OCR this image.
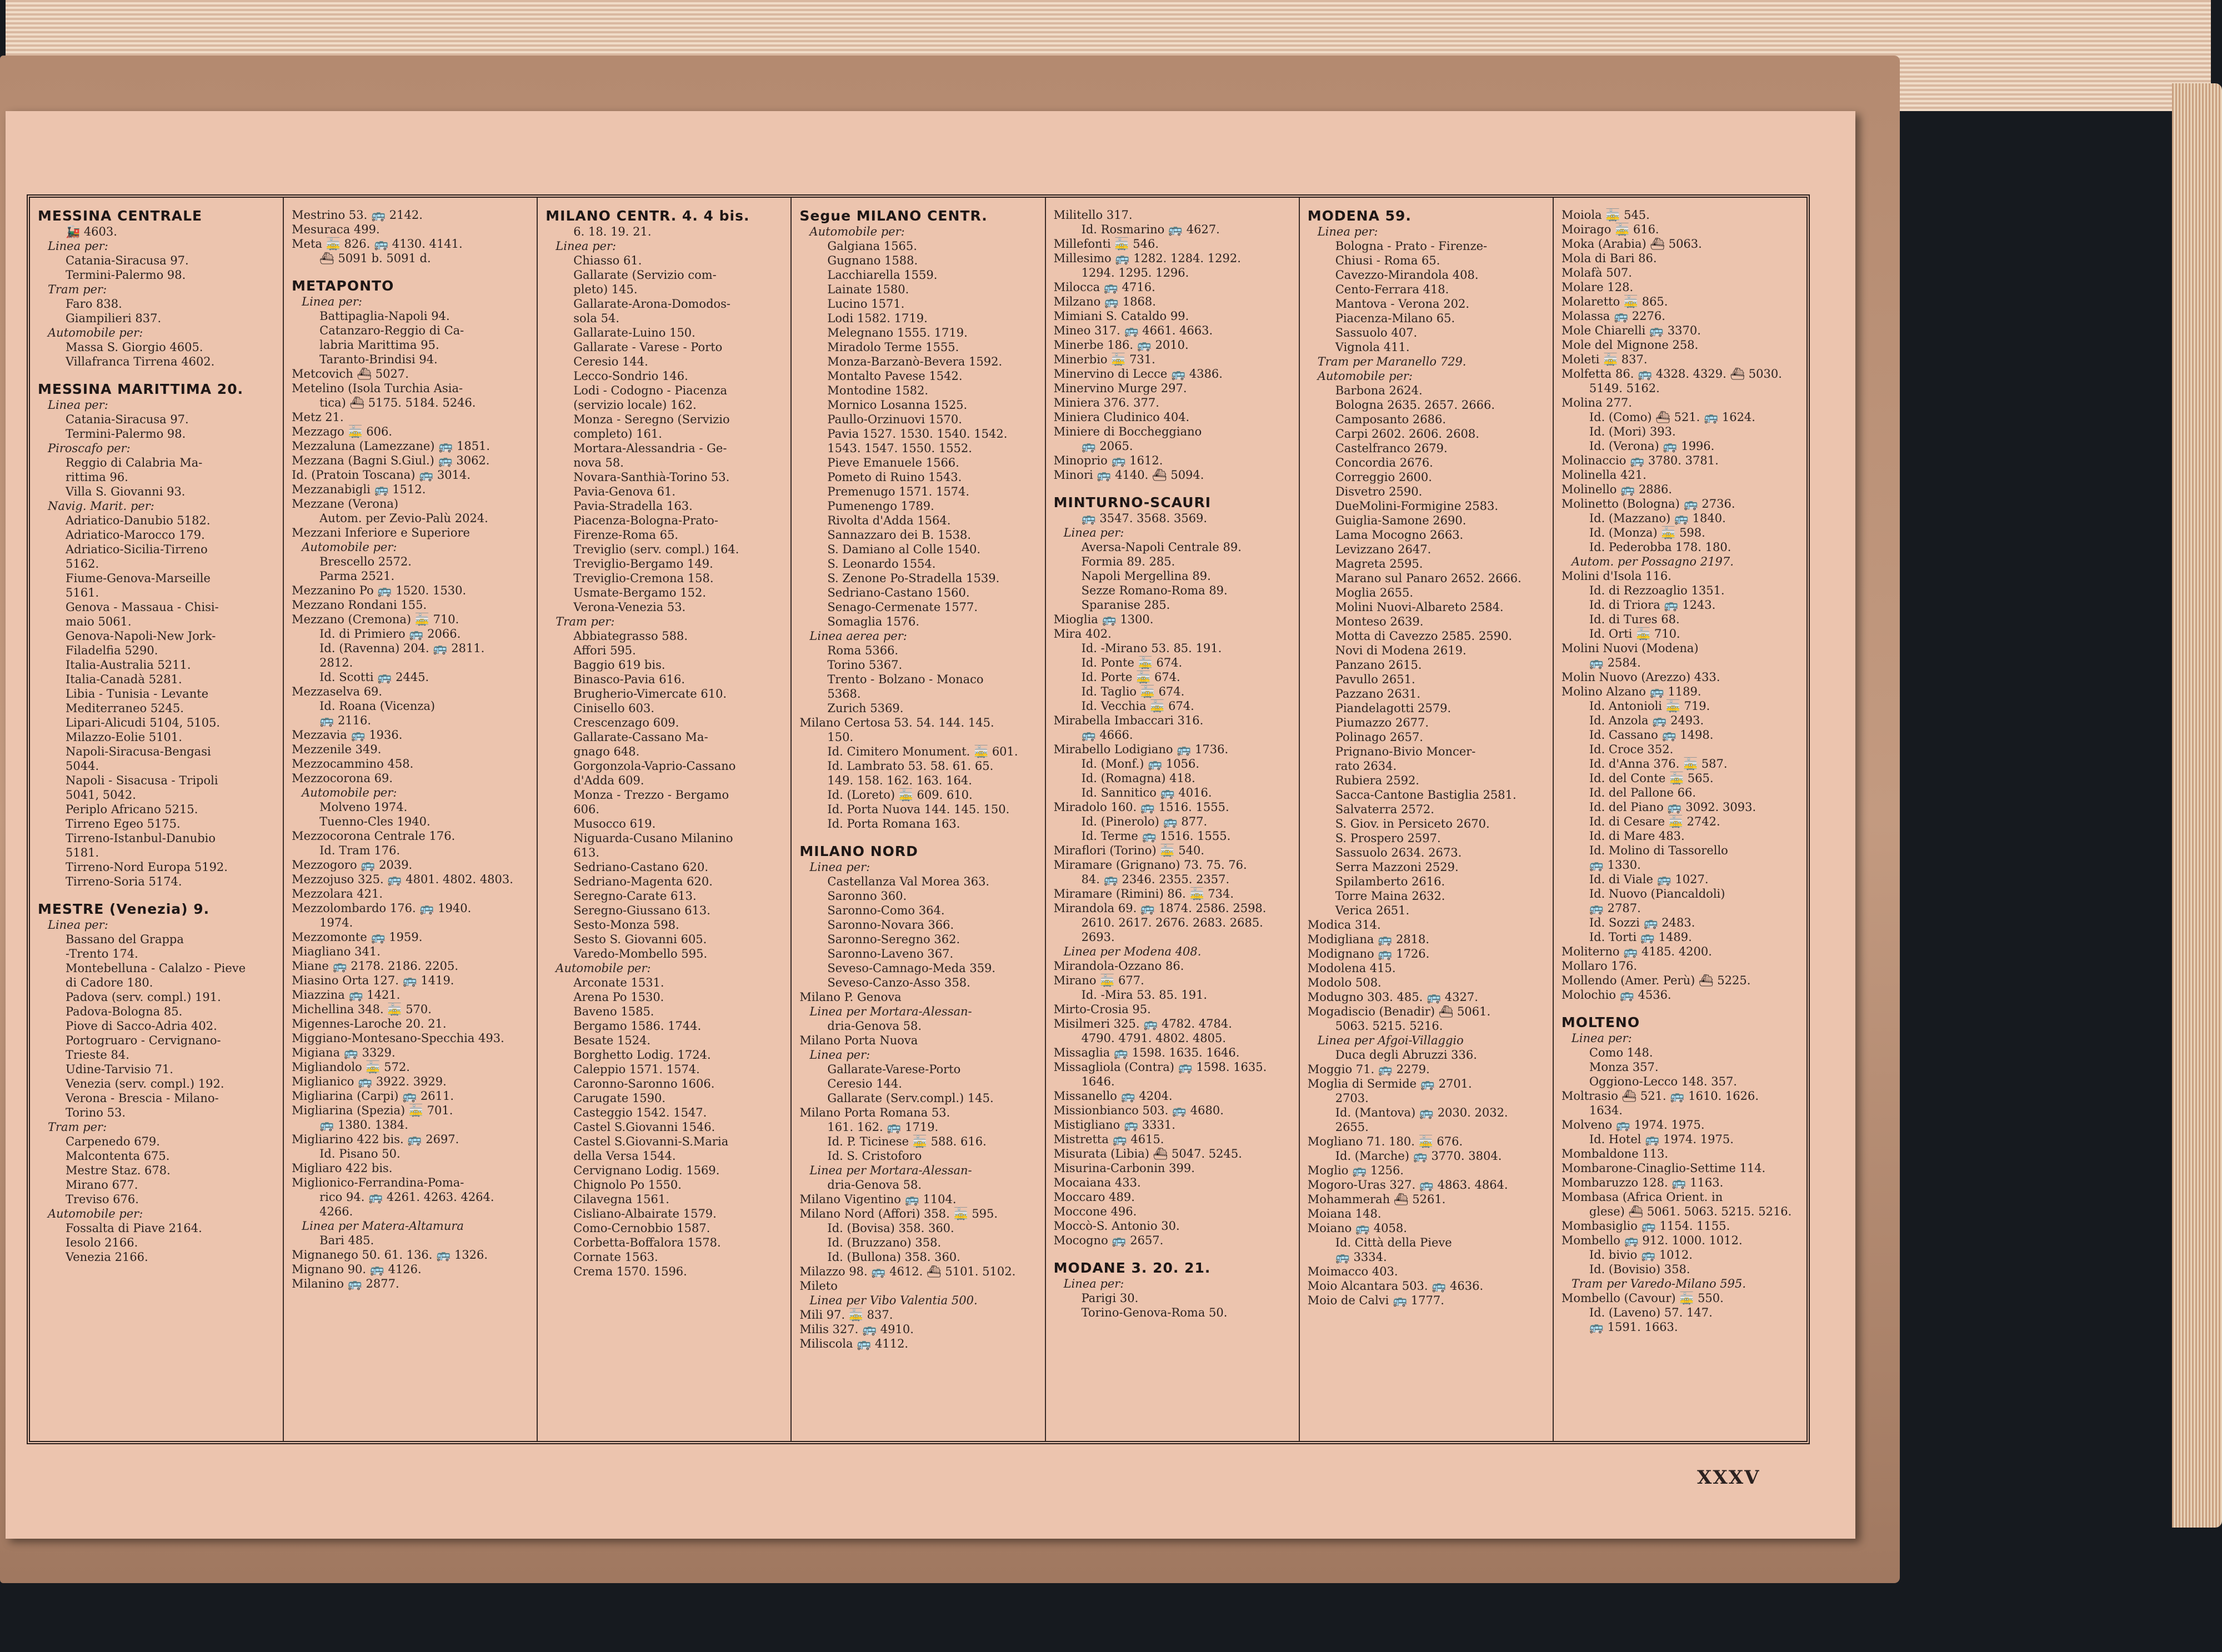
MESSINA CENTRALE
🚂 4603.
Linea per:
Catania-Siracusa 97.
Termini-Palermo 98.
Tram per:
Faro 838.
Giampilieri 837.
Automobile per:
Massa S. Giorgio 4605.
Villafranca Tirrena 4602.
MESSINA MARITTIMA 20.
Linea per:
Catania-Siracusa 97.
Termini-Palermo 98.
Piroscafo per:
Reggio di Calabria Ma-
rittima 96.
Villa S. Giovanni 93.
Navig. Marit. per:
Adriatico-Danubio 5182.
Adriatico-Marocco 179.
Adriatico-Sicilia-Tirreno
5162.
Fiume-Genova-Marseille
5161.
Genova - Massaua - Chisi-
maio 5061.
Genova-Napoli-New Jork-
Filadelfia 5290.
Italia-Australia 5211.
Italia-Canadà 5281.
Libia - Tunisia - Levante
Mediterraneo 5245.
Lipari-Alicudi 5104, 5105.
Milazzo-Eolie 5101.
Napoli-Siracusa-Bengasi
5044.
Napoli - Sisacusa - Tripoli
5041, 5042.
Periplo Africano 5215.
Tirreno Egeo 5175.
Tirreno-Istanbul-Danubio
5181.
Tirreno-Nord Europa 5192.
Tirreno-Soria 5174.
MESTRE (Venezia) 9.
Linea per:
Bassano del Grappa
-Trento 174.
Montebelluna - Calalzo - Pieve
di Cadore 180.
Padova (serv. compl.) 191.
Padova-Bologna 85.
Piove di Sacco-Adria 402.
Portogruaro - Cervignano-
Trieste 84.
Udine-Tarvisio 71.
Venezia (serv. compl.) 192.
Verona - Brescia - Milano-
Torino 53.
Tram per:
Carpenedo 679.
Malcontenta 675.
Mestre Staz. 678.
Mirano 677.
Treviso 676.
Automobile per:
Fossalta di Piave 2164.
Iesolo 2166.
Venezia 2166.
Mestrino 53. 🚌 2142.
Mesuraca 499.
Meta 🚋 826. 🚌 4130. 4141.
⛴ 5091 b. 5091 d.
METAPONTO
Linea per:
Battipaglia-Napoli 94.
Catanzaro-Reggio di Ca-
labria Marittima 95.
Taranto-Brindisi 94.
Metcovich ⛴ 5027.
Metelino (Isola Turchia Asia-
tica) ⛴ 5175. 5184. 5246.
Metz 21.
Mezzago 🚋 606.
Mezzaluna (Lamezzane) 🚌 1851.
Mezzana (Bagni S.Giul.) 🚌 3062.
Id. (Pratoin Toscana) 🚌 3014.
Mezzanabigli 🚌 1512.
Mezzane (Verona)
Autom. per Zevio-Palù 2024.
Mezzani Inferiore e Superiore
Automobile per:
Brescello 2572.
Parma 2521.
Mezzanino Po 🚌 1520. 1530.
Mezzano Rondani 155.
Mezzano (Cremona) 🚋 710.
Id. di Primiero 🚌 2066.
Id. (Ravenna) 204. 🚌 2811.
2812.
Id. Scotti 🚌 2445.
Mezzaselva 69.
Id. Roana (Vicenza)
🚌 2116.
Mezzavia 🚌 1936.
Mezzenile 349.
Mezzocammino 458.
Mezzocorona 69.
Automobile per:
Molveno 1974.
Tuenno-Cles 1940.
Mezzocorona Centrale 176.
Id. Tram 176.
Mezzogoro 🚌 2039.
Mezzojuso 325. 🚌 4801. 4802. 4803.
Mezzolara 421.
Mezzolombardo 176. 🚌 1940.
1974.
Mezzomonte 🚌 1959.
Miagliano 341.
Miane 🚌 2178. 2186. 2205.
Miasino Orta 127. 🚌 1419.
Miazzina 🚌 1421.
Michellina 348. 🚋 570.
Migennes-Laroche 20. 21.
Miggiano-Montesano-Specchia 493.
Migiana 🚌 3329.
Migliandolo 🚋 572.
Miglianico 🚌 3922. 3929.
Migliarina (Carpi) 🚌 2611.
Migliarina (Spezia) 🚋 701.
🚌 1380. 1384.
Migliarino 422 bis. 🚌 2697.
Id. Pisano 50.
Migliaro 422 bis.
Miglionico-Ferrandina-Poma-
rico 94. 🚌 4261. 4263. 4264.
4266.
Linea per Matera-Altamura
Bari 485.
Mignanego 50. 61. 136. 🚌 1326.
Mignano 90. 🚌 4126.
Milanino 🚌 2877.
MILANO CENTR. 4. 4 bis.
6. 18. 19. 21.
Linea per:
Chiasso 61.
Gallarate (Servizio com-
pleto) 145.
Gallarate-Arona-Domodos-
sola 54.
Gallarate-Luino 150.
Gallarate - Varese - Porto
Ceresio 144.
Lecco-Sondrio 146.
Lodi - Codogno - Piacenza
(servizio locale) 162.
Monza - Seregno (Servizio
completo) 161.
Mortara-Alessandria - Ge-
nova 58.
Novara-Santhià-Torino 53.
Pavia-Genova 61.
Pavia-Stradella 163.
Piacenza-Bologna-Prato-
Firenze-Roma 65.
Treviglio (serv. compl.) 164.
Treviglio-Bergamo 149.
Treviglio-Cremona 158.
Usmate-Bergamo 152.
Verona-Venezia 53.
Tram per:
Abbiategrasso 588.
Affori 595.
Baggio 619 bis.
Binasco-Pavia 616.
Brugherio-Vimercate 610.
Cinisello 603.
Crescenzago 609.
Gallarate-Cassano Ma-
gnago 648.
Gorgonzola-Vaprio-Cassano
d'Adda 609.
Monza - Trezzo - Bergamo
606.
Musocco 619.
Niguarda-Cusano Milanino
613.
Sedriano-Castano 620.
Sedriano-Magenta 620.
Seregno-Carate 613.
Seregno-Giussano 613.
Sesto-Monza 598.
Sesto S. Giovanni 605.
Varedo-Mombello 595.
Automobile per:
Arconate 1531.
Arena Po 1530.
Baveno 1585.
Bergamo 1586. 1744.
Besate 1524.
Borghetto Lodig. 1724.
Caleppio 1571. 1574.
Caronno-Saronno 1606.
Carugate 1590.
Casteggio 1542. 1547.
Castel S.Giovanni 1546.
Castel S.Giovanni-S.Maria
della Versa 1544.
Cervignano Lodig. 1569.
Chignolo Po 1550.
Cilavegna 1561.
Cisliano-Albairate 1579.
Como-Cernobbio 1587.
Corbetta-Boffalora 1578.
Cornate 1563.
Crema 1570. 1596.
Segue MILANO CENTR.
Automobile per:
Galgiana 1565.
Gugnano 1588.
Lacchiarella 1559.
Lainate 1580.
Lucino 1571.
Lodi 1582. 1719.
Melegnano 1555. 1719.
Miradolo Terme 1555.
Monza-Barzanò-Bevera 1592.
Montalto Pavese 1542.
Montodine 1582.
Mornico Losanna 1525.
Paullo-Orzinuovi 1570.
Pavia 1527. 1530. 1540. 1542.
1543. 1547. 1550. 1552.
Pieve Emanuele 1566.
Pometo di Ruino 1543.
Premenugo 1571. 1574.
Pumenengo 1789.
Rivolta d'Adda 1564.
Sannazzaro dei B. 1538.
S. Damiano al Colle 1540.
S. Leonardo 1554.
S. Zenone Po-Stradella 1539.
Sedriano-Castano 1560.
Senago-Cermenate 1577.
Somaglia 1576.
Linea aerea per:
Roma 5366.
Torino 5367.
Trento - Bolzano - Monaco
5368.
Zurich 5369.
Milano Certosa 53. 54. 144. 145.
150.
Id. Cimitero Monument. 🚋 601.
Id. Lambrato 53. 58. 61. 65.
149. 158. 162. 163. 164.
Id. (Loreto) 🚋 609. 610.
Id. Porta Nuova 144. 145. 150.
Id. Porta Romana 163.
MILANO NORD
Linea per:
Castellanza Val Morea 363.
Saronno 360.
Saronno-Como 364.
Saronno-Novara 366.
Saronno-Seregno 362.
Saronno-Laveno 367.
Seveso-Camnago-Meda 359.
Seveso-Canzo-Asso 358.
Milano P. Genova
Linea per Mortara-Alessan-
dria-Genova 58.
Milano Porta Nuova
Linea per:
Gallarate-Varese-Porto
Ceresio 144.
Gallarate (Serv.compl.) 145.
Milano Porta Romana 53.
161. 162. 🚌 1719.
Id. P. Ticinese 🚋 588. 616.
Id. S. Cristoforo
Linea per Mortara-Alessan-
dria-Genova 58.
Milano Vigentino 🚌 1104.
Milano Nord (Affori) 358. 🚋 595.
Id. (Bovisa) 358. 360.
Id. (Bruzzano) 358.
Id. (Bullona) 358. 360.
Milazzo 98. 🚌 4612. ⛴ 5101. 5102.
Mileto
Linea per Vibo Valentia 500.
Mili 97. 🚋 837.
Milis 327. 🚌 4910.
Miliscola 🚌 4112.
Militello 317.
Id. Rosmarino 🚌 4627.
Millefonti 🚋 546.
Millesimo 🚌 1282. 1284. 1292.
1294. 1295. 1296.
Milocca 🚌 4716.
Milzano 🚌 1868.
Mimiani S. Cataldo 99.
Mineo 317. 🚌 4661. 4663.
Minerbe 186. 🚌 2010.
Minerbio 🚋 731.
Minervino di Lecce 🚌 4386.
Minervino Murge 297.
Miniera 376. 377.
Miniera Cludinico 404.
Miniere di Boccheggiano
🚌 2065.
Minoprio 🚌 1612.
Minori 🚌 4140. ⛴ 5094.
MINTURNO-SCAURI
🚌 3547. 3568. 3569.
Linea per:
Aversa-Napoli Centrale 89.
Formia 89. 285.
Napoli Mergellina 89.
Sezze Romano-Roma 89.
Sparanise 285.
Mioglia 🚌 1300.
Mira 402.
Id. -Mirano 53. 85. 191.
Id. Ponte 🚋 674.
Id. Porte 🚋 674.
Id. Taglio 🚋 674.
Id. Vecchia 🚋 674.
Mirabella Imbaccari 316.
🚌 4666.
Mirabello Lodigiano 🚌 1736.
Id. (Monf.) 🚌 1056.
Id. (Romagna) 418.
Id. Sannitico 🚌 4016.
Miradolo 160. 🚌 1516. 1555.
Id. (Pinerolo) 🚌 877.
Id. Terme 🚌 1516. 1555.
Miraflori (Torino) 🚋 540.
Miramare (Grignano) 73. 75. 76.
84. 🚌 2346. 2355. 2357.
Miramare (Rimini) 86. 🚋 734.
Mirandola 69. 🚌 1874. 2586. 2598.
2610. 2617. 2676. 2683. 2685.
2693.
Linea per Modena 408.
Mirandola-Ozzano 86.
Mirano 🚋 677.
Id. -Mira 53. 85. 191.
Mirto-Crosia 95.
Misilmeri 325. 🚌 4782. 4784.
4790. 4791. 4802. 4805.
Missaglia 🚌 1598. 1635. 1646.
Missagliola (Contra) 🚌 1598. 1635.
1646.
Missanello 🚌 4204.
Missionbianco 503. 🚌 4680.
Mistigliano 🚌 3331.
Mistretta 🚌 4615.
Misurata (Libia) ⛴ 5047. 5245.
Misurina-Carbonin 399.
Mocaiana 433.
Moccaro 489.
Moccone 496.
Moccò-S. Antonio 30.
Mocogno 🚌 2657.
MODANE 3. 20. 21.
Linea per:
Parigi 30.
Torino-Genova-Roma 50.
MODENA 59.
Linea per:
Bologna - Prato - Firenze-
Chiusi - Roma 65.
Cavezzo-Mirandola 408.
Cento-Ferrara 418.
Mantova - Verona 202.
Piacenza-Milano 65.
Sassuolo 407.
Vignola 411.
Tram per Maranello 729.
Automobile per:
Barbona 2624.
Bologna 2635. 2657. 2666.
Camposanto 2686.
Carpi 2602. 2606. 2608.
Castelfranco 2679.
Concordia 2676.
Correggio 2600.
Disvetro 2590.
DueMolini-Formigine 2583.
Guiglia-Samone 2690.
Lama Mocogno 2663.
Levizzano 2647.
Magreta 2595.
Marano sul Panaro 2652. 2666.
Moglia 2655.
Molini Nuovi-Albareto 2584.
Monteso 2639.
Motta di Cavezzo 2585. 2590.
Novi di Modena 2619.
Panzano 2615.
Pavullo 2651.
Pazzano 2631.
Piandelagotti 2579.
Piumazzo 2677.
Polinago 2657.
Prignano-Bivio Moncer-
rato 2634.
Rubiera 2592.
Sacca-Cantone Bastiglia 2581.
Salvaterra 2572.
S. Giov. in Persiceto 2670.
S. Prospero 2597.
Sassuolo 2634. 2673.
Serra Mazzoni 2529.
Spilamberto 2616.
Torre Maina 2632.
Verica 2651.
Modica 314.
Modigliana 🚌 2818.
Modignano 🚌 1726.
Modolena 415.
Modolo 508.
Modugno 303. 485. 🚌 4327.
Mogadiscio (Benadir) ⛴ 5061.
5063. 5215. 5216.
Linea per Afgoi-Villaggio
Duca degli Abruzzi 336.
Moggio 71. 🚌 2279.
Moglia di Sermide 🚌 2701.
2703.
Id. (Mantova) 🚌 2030. 2032.
2655.
Mogliano 71. 180. 🚋 676.
Id. (Marche) 🚌 3770. 3804.
Moglio 🚌 1256.
Mogoro-Uras 327. 🚌 4863. 4864.
Mohammerah ⛴ 5261.
Moiana 148.
Moiano 🚌 4058.
Id. Città della Pieve
🚌 3334.
Moimacco 403.
Moio Alcantara 503. 🚌 4636.
Moio de Calvi 🚌 1777.
Moiola 🚋 545.
Moirago 🚋 616.
Moka (Arabia) ⛴ 5063.
Mola di Bari 86.
Molafà 507.
Molare 128.
Molaretto 🚋 865.
Molassa 🚌 2276.
Mole Chiarelli 🚌 3370.
Mole del Mignone 258.
Moleti 🚋 837.
Molfetta 86. 🚌 4328. 4329. ⛴ 5030.
5149. 5162.
Molina 277.
Id. (Como) ⛴ 521. 🚌 1624.
Id. (Mori) 393.
Id. (Verona) 🚌 1996.
Molinaccio 🚌 3780. 3781.
Molinella 421.
Molinello 🚌 2886.
Molinetto (Bologna) 🚌 2736.
Id. (Mazzano) 🚌 1840.
Id. (Monza) 🚋 598.
Id. Pederobba 178. 180.
Autom. per Possagno 2197.
Molini d'Isola 116.
Id. di Rezzoaglio 1351.
Id. di Triora 🚌 1243.
Id. di Tures 68.
Id. Orti 🚋 710.
Molini Nuovi (Modena)
🚌 2584.
Molin Nuovo (Arezzo) 433.
Molino Alzano 🚌 1189.
Id. Antonioli 🚋 719.
Id. Anzola 🚌 2493.
Id. Cassano 🚌 1498.
Id. Croce 352.
Id. d'Anna 376. 🚋 587.
Id. del Conte 🚋 565.
Id. del Pallone 66.
Id. del Piano 🚌 3092. 3093.
Id. di Cesare 🚋 2742.
Id. di Mare 483.
Id. Molino di Tassorello
🚌 1330.
Id. di Viale 🚌 1027.
Id. Nuovo (Piancaldoli)
🚌 2787.
Id. Sozzi 🚌 2483.
Id. Torti 🚌 1489.
Moliterno 🚌 4185. 4200.
Mollaro 176.
Mollendo (Amer. Perù) ⛴ 5225.
Molochio 🚌 4536.
MOLTENO
Linea per:
Como 148.
Monza 357.
Oggiono-Lecco 148. 357.
Moltrasio ⛴ 521. 🚌 1610. 1626.
1634.
Molveno 🚌 1974. 1975.
Id. Hotel 🚌 1974. 1975.
Mombaldone 113.
Mombarone-Cinaglio-Settime 114.
Mombaruzzo 128. 🚌 1163.
Mombasa (Africa Orient. in
glese) ⛴ 5061. 5063. 5215. 5216.
Mombasiglio 🚌 1154. 1155.
Mombello 🚌 912. 1000. 1012.
Id. bivio 🚌 1012.
Id. (Bovisio) 358.
Tram per Varedo-Milano 595.
Mombello (Cavour) 🚋 550.
Id. (Laveno) 57. 147.
🚌 1591. 1663.
XXXV
